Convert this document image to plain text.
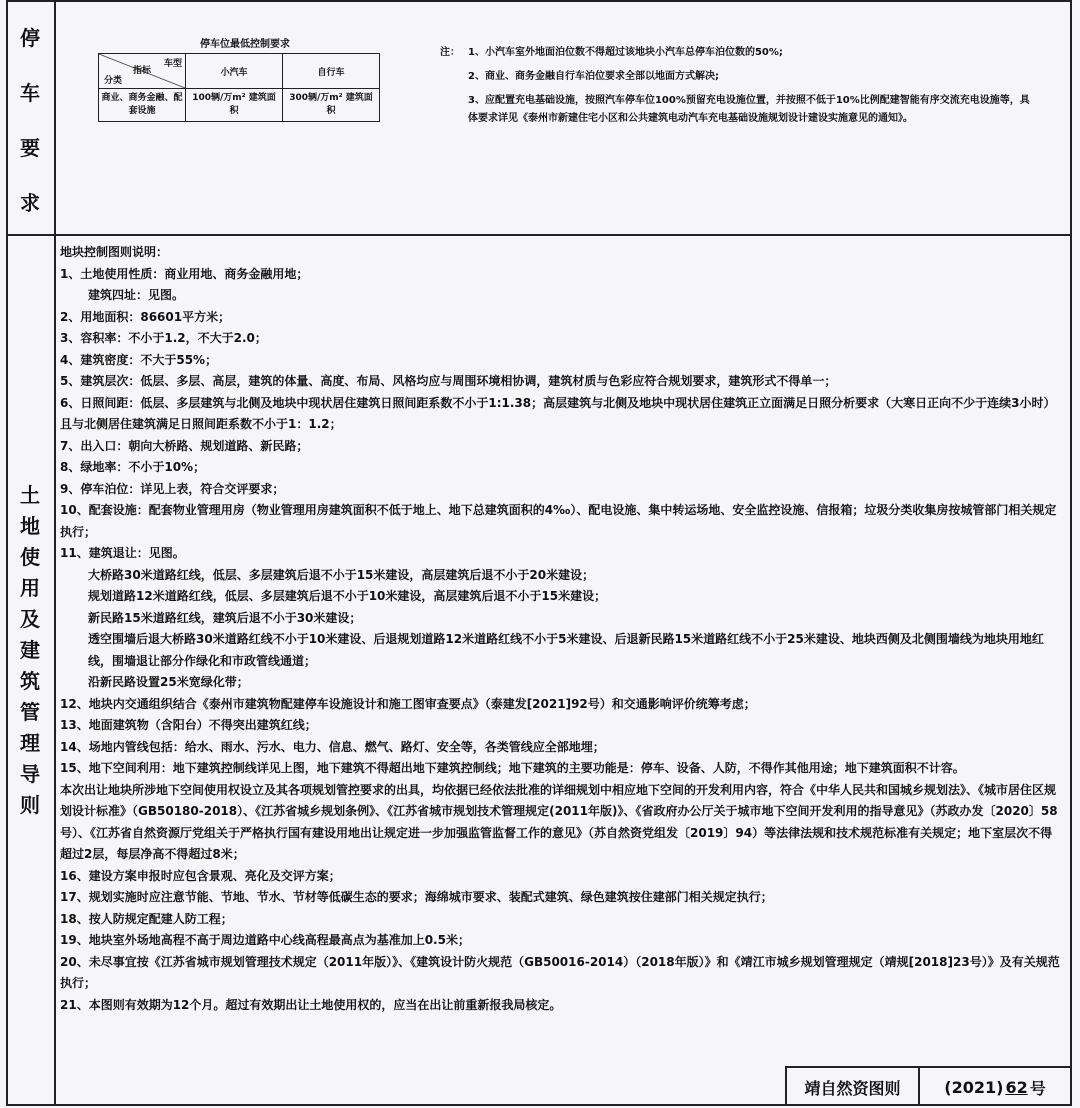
停
车
要
求
停车位最低控制要求
车型
指标
分类	小汽车	自行车
商业、商务金融、配套设施	100辆/万m² 建筑面积	300辆/万m² 建筑面积
注： 1、小汽车室外地面泊位数不得超过该地块小汽车总停车泊位数的50%;
2、商业、商务金融自行车泊位要求全部以地面方式解决;
3、应配置充电基础设施，按照汽车停车位100%预留充电设施位置，并按照不低于10%比例配建智能有序交流充电设施等，具体要求详见《泰州市新建住宅小区和公共建筑电动汽车充电基础设施规划设计建设实施意见的通知》。
土
地
使
用
及
建
筑
管
理
导
则

地块控制图则说明：

1、土地使用性质：商业用地、商务金融用地；

建筑四址：见图。

2、用地面积：86601平方米；

3、容积率：不小于1.2，不大于2.0；

4、建筑密度：不大于55%；

5、建筑层次：低层、多层、高层，建筑的体量、高度、布局、风格均应与周围环境相协调，建筑材质与色彩应符合规划要求，建筑形式不得单一；

6、日照间距：低层、多层建筑与北侧及地块中现状居住建筑日照间距系数不小于1:1.38；高层建筑与北侧及地块中现状居住建筑正立面满足日照分析要求（大寒日正向不少于连续3小时）且与北侧居住建筑满足日照间距系数不小于1：1.2；

7、出入口：朝向大桥路、规划道路、新民路；

8、绿地率：不小于10%；

9、停车泊位：详见上表，符合交评要求；

10、配套设施：配套物业管理用房（物业管理用房建筑面积不低于地上、地下总建筑面积的4‰）、配电设施、集中转运场地、安全监控设施、信报箱；垃圾分类收集房按城管部门相关规定执行；

11、建筑退让：见图。

大桥路30米道路红线，低层、多层建筑后退不小于15米建设，高层建筑后退不小于20米建设；

规划道路12米道路红线，低层、多层建筑后退不小于10米建设，高层建筑后退不小于15米建设；

新民路15米道路红线，建筑后退不小于30米建设；

透空围墙后退大桥路30米道路红线不小于10米建设、后退规划道路12米道路红线不小于5米建设、后退新民路15米道路红线不小于25米建设、地块西侧及北侧围墙线为地块用地红线，围墙退让部分作绿化和市政管线通道；

沿新民路设置25米宽绿化带；

12、地块内交通组织结合《泰州市建筑物配建停车设施设计和施工图审查要点》（泰建发[2021]92号）和交通影响评价统筹考虑；

13、地面建筑物（含阳台）不得突出建筑红线；

14、场地内管线包括：给水、雨水、污水、电力、信息、燃气、路灯、安全等，各类管线应全部地埋；

15、地下空间利用：地下建筑控制线详见上图，地下建筑不得超出地下建筑控制线；地下建筑的主要功能是：停车、设备、人防，不得作其他用途；地下建筑面积不计容。

本次出让地块所涉地下空间使用权设立及其各项规划管控要求的出具，均依据已经依法批准的详细规划中相应地下空间的开发利用内容，符合《中华人民共和国城乡规划法》、《城市居住区规划设计标准》（GB50180-2018）、《江苏省城乡规划条例》、《江苏省城市规划技术管理规定(2011年版)》、《省政府办公厅关于城市地下空间开发利用的指导意见》（苏政办发〔2020〕58号）、《江苏省自然资源厅党组关于严格执行国有建设用地出让规定进一步加强监管监督工作的意见》（苏自然资党组发〔2019〕94）等法律法规和技术规范标准有关规定；地下室层次不得超过2层，每层净高不得超过8米；

16、建设方案申报时应包含景观、亮化及交评方案；

17、规划实施时应注意节能、节地、节水、节材等低碳生态的要求；海绵城市要求、装配式建筑、绿色建筑按住建部门相关规定执行；

18、按人防规定配建人防工程；

19、地块室外场地高程不高于周边道路中心线高程最高点为基准加上0.5米；

20、未尽事宜按《江苏省城市规划管理技术规定（2011年版）》、《建筑设计防火规范（GB50016-2014）（2018年版）》和《靖江市城乡规划管理规定（靖规[2018]23号）》及有关规范执行；

21、本图则有效期为12个月。超过有效期出让土地使用权的，应当在出让前重新报我局核定。

靖自然资图则	(2021) 62 号
